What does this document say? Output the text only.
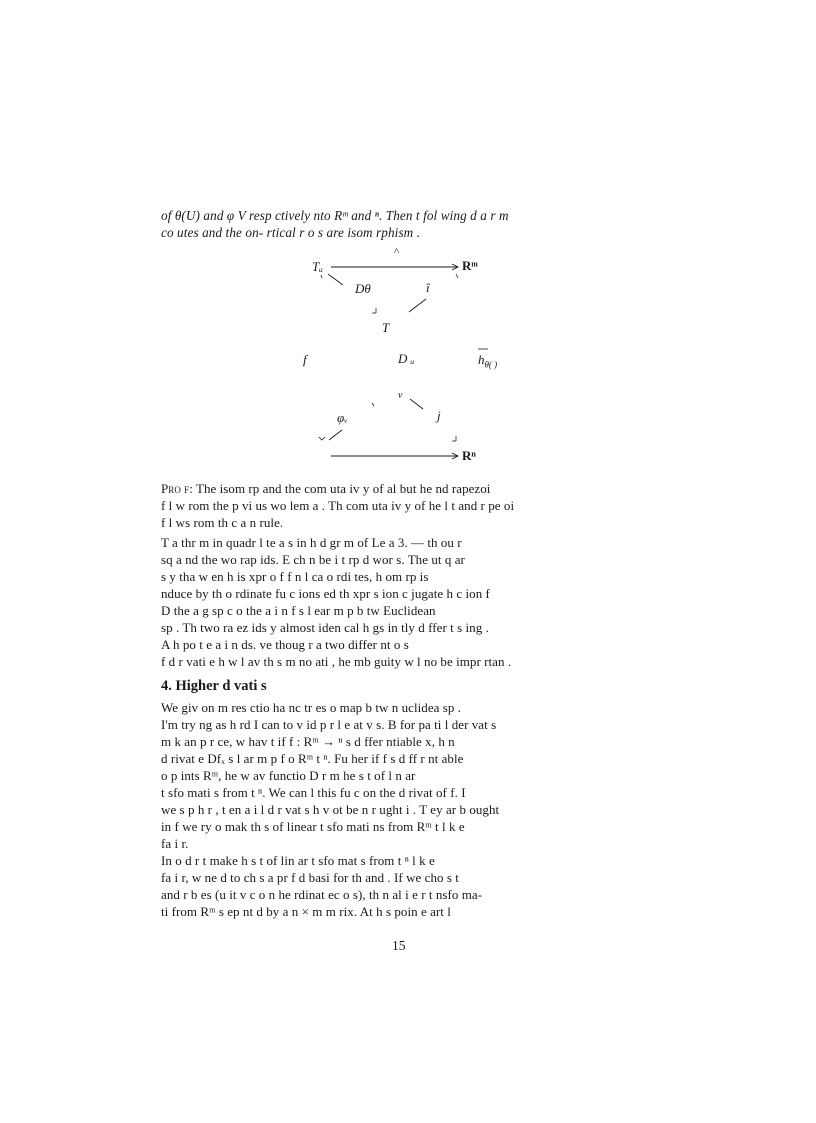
of θ(U) and φ V resp ctively nto Rᵐ and ⁿ. Then t fol wing d a r m
co utes and the on- rtical r o s are isom rphism .
^
Tᵤ	Rᵐ
Dθ	î
T
f	D ᵤ	$h_{\theta( )}$
v
φᵥ	j
Rⁿ
Pro f: The isom rp and the com uta iv y of al but he nd rapezoi
f l w rom the p vi us wo lem a . Th com uta iv y of he l t and r pe oi
f l ws rom th c a n rule.
T a thr m in quadr l te a s in h d gr m of Le a 3. — th ou r
sq a nd the wo rap ids. E ch n be i t rp d wor s. The ut q ar
s y tha w en h is xpr o f f n l ca o rdi tes, h om rp is
nduce by th o rdinate fu c ions ed th xpr s ion c jugate h c ion f
D the a g sp c o the a i n f s l ear m p b tw Euclidean
sp . Th two ra ez ids y almost iden cal h gs in tly d ffer t s ing .
A h po t e a i n ds. ve thoug r a two differ nt o s
f d r vati e h w l av th s m no ati , he mb guity w l no be impr rtan .
4. Higher d vati s
We giv on m res ctio ha nc tr es o map b tw n uclidea sp .
I'm try ng as h rd I can to v id p r l e at v s. B for pa ti l der vat s
m k an p r ce, w hav t if f : Rᵐ → ⁿ s d ffer ntiable x, h n
d rivat e Dfₓ s l ar m p f o Rᵐ t ⁿ. Fu her if f s d ff r nt able
o p ints Rᵐ, he w av functio D r m he s t of l n ar
t sfo mati s from t ⁿ. We can l this fu c on the d rivat of f. I
we s p h r , t en a i l d r vat s h v ot be n r ught i . T ey ar b ought
in f we ry o mak th s of linear t sfo mati ns from Rᵐ t l k e
fa i r.
In o d r t make h s t of lin ar t sfo mat s from t ⁿ l k e
fa i r, w ne d to ch s a pr f d basi for th and . If we cho s t
and r b es (u it v c o n he rdinat ec o s), th n al i e r t nsfo ma-
ti from Rᵐ s ep nt d by a n × m m rix. At h s poin e art l
15
